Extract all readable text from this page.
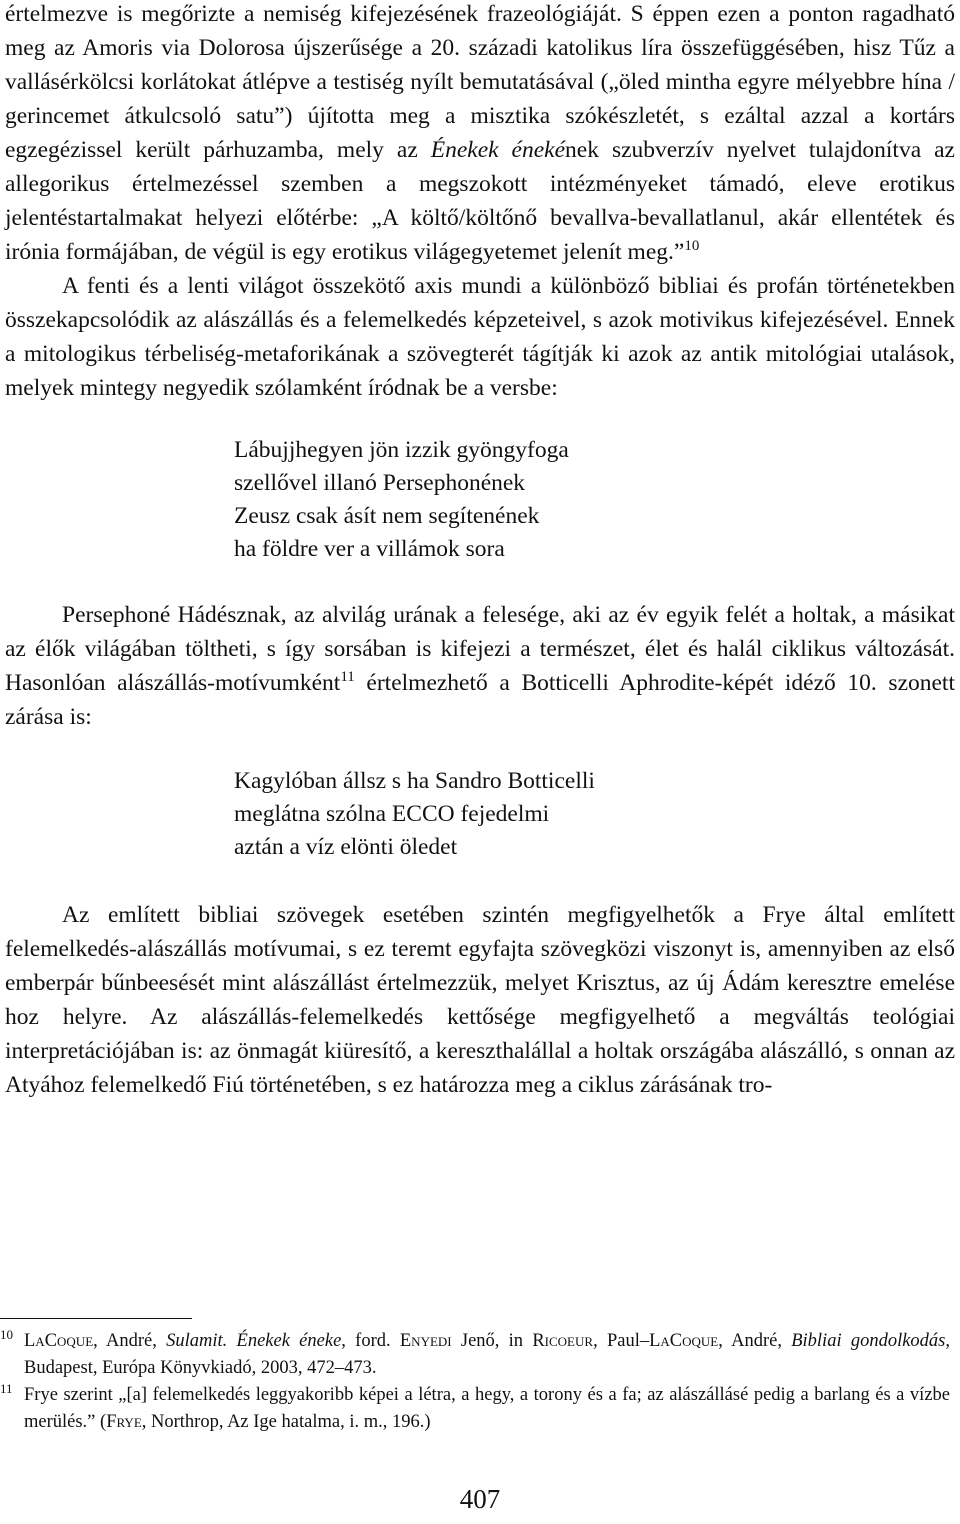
értelmezve is megőrizte a nemiség kifejezésének frazeológiáját. S éppen ezen a ponton ragadható meg az Amoris via Dolorosa újszerűsége a 20. századi katolikus líra összefüggésében, hisz Tűz a vallásérkölcsi korlátokat átlépve a testiség nyílt bemutatásával („öled mintha egyre mélyebbre hína / gerincemet átkulcsoló satu”) újította meg a misztika szókészletét, s ezáltal azzal a kortárs egzegézissel került párhuzamba, mely az Énekek énekének szubverzív nyelvet tulajdonítva az allegorikus értelmezéssel szemben a megszokott intézményeket támadó, eleve erotikus jelentéstartalmakat helyezi előtérbe: „A költő/költőnő bevallva-bevallatlanul, akár ellentétek és irónia formájában, de végül is egy erotikus világegyetemet jelenít meg.”$^{10}$

A fenti és a lenti világot összekötő axis mundi a különböző bibliai és profán történetekben összekapcsolódik az alászállás és a felemelkedés képzeteivel, s azok motivikus kifejezésével. Ennek a mitologikus térbeliség-metaforikának a szövegterét tágítják ki azok az antik mitológiai utalások, melyek mintegy negyedik szólamként íródnak be a versbe:

Lábujjhegyen jön izzik gyöngyfoga
szellővel illanó Persephonének
Zeusz csak ásít nem segítenének
ha földre ver a villámok sora

Persephoné Hádésznak, az alvilág urának a felesége, aki az év egyik felét a holtak, a másikat az élők világában töltheti, s így sorsában is kifejezi a természet, élet és halál ciklikus változását. Hasonlóan alászállás-motívumként$^{11}$ értelmezhető a Botticelli Aphrodite-képét idéző 10. szonett zárása is:

Kagylóban állsz s ha Sandro Botticelli
meglátna szólna ECCO fejedelmi
aztán a víz elönti öledet

Az említett bibliai szövegek esetében szintén megfigyelhetők a Frye által említett felemelkedés-alászállás motívumai, s ez teremt egyfajta szövegközi viszonyt is, amennyiben az első emberpár bűnbeesését mint alászállást értelmezzük, melyet Krisztus, az új Ádám keresztre emelése hoz helyre. Az alászállás-felemelkedés kettősége megfigyelhető a megváltás teológiai interpretációjában is: az önmagát kiüresítő, a kereszthalállal a holtak országába alászálló, s onnan az Atyához felemelkedő Fiú történetében, s ez határozza meg a ciklus zárásának tro-

10 LaCoque, André, Sulamit. Énekek éneke, ford. Enyedi Jenő, in Ricoeur, Paul–LaCoque, André, Bibliai gondolkodás, Budapest, Európa Könyvkiadó, 2003, 472–473.
11 Frye szerint „[a] felemelkedés leggyakoribb képei a létra, a hegy, a torony és a fa; az alászállásé pedig a barlang és a vízbe merülés.” (Frye, Northrop, Az Ige hatalma, i. m., 196.)
407
